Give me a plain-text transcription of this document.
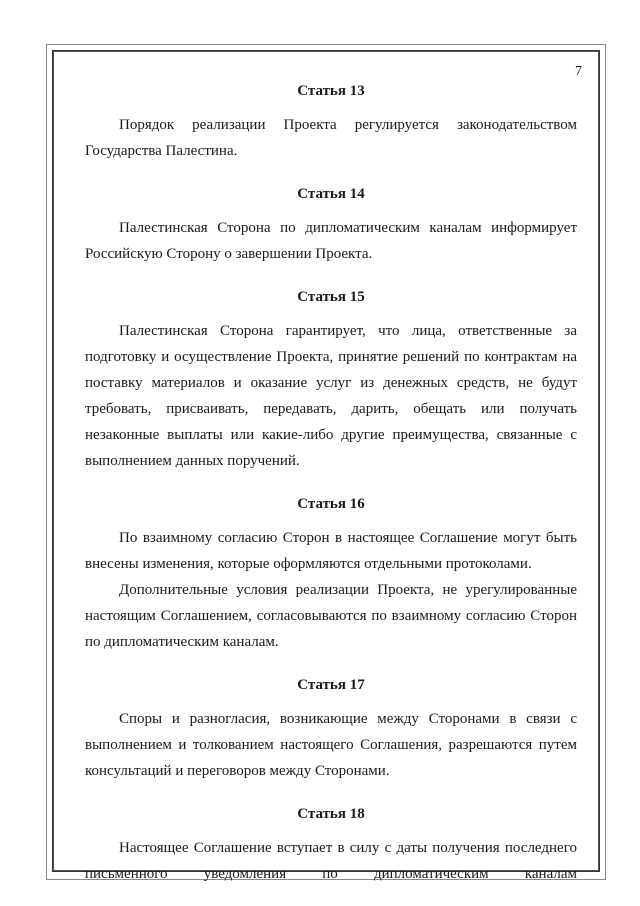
7

Статья 13

Порядок реализации Проекта регулируется законодательством Государства Палестина.

Статья 14

Палестинская Сторона по дипломатическим каналам информирует Российскую Сторону о завершении Проекта.

Статья 15

Палестинская Сторона гарантирует, что лица, ответственные за подготовку и осуществление Проекта, принятие решений по контрактам на поставку материалов и оказание услуг из денежных средств, не будут требовать, присваивать, передавать, дарить, обещать или получать незаконные выплаты или какие-либо другие преимущества, связанные с выполнением данных поручений.

Статья 16

По взаимному согласию Сторон в настоящее Соглашение могут быть внесены изменения, которые оформляются отдельными протоколами.

Дополнительные условия реализации Проекта, не урегулированные настоящим Соглашением, согласовываются по взаимному согласию Сторон по дипломатическим каналам.

Статья 17

Споры и разногласия, возникающие между Сторонами в связи с выполнением и толкованием настоящего Соглашения, разрешаются путем консультаций и переговоров между Сторонами.

Статья 18

Настоящее Соглашение вступает в силу с даты получения последнего письменного уведомления по дипломатическим каналам
